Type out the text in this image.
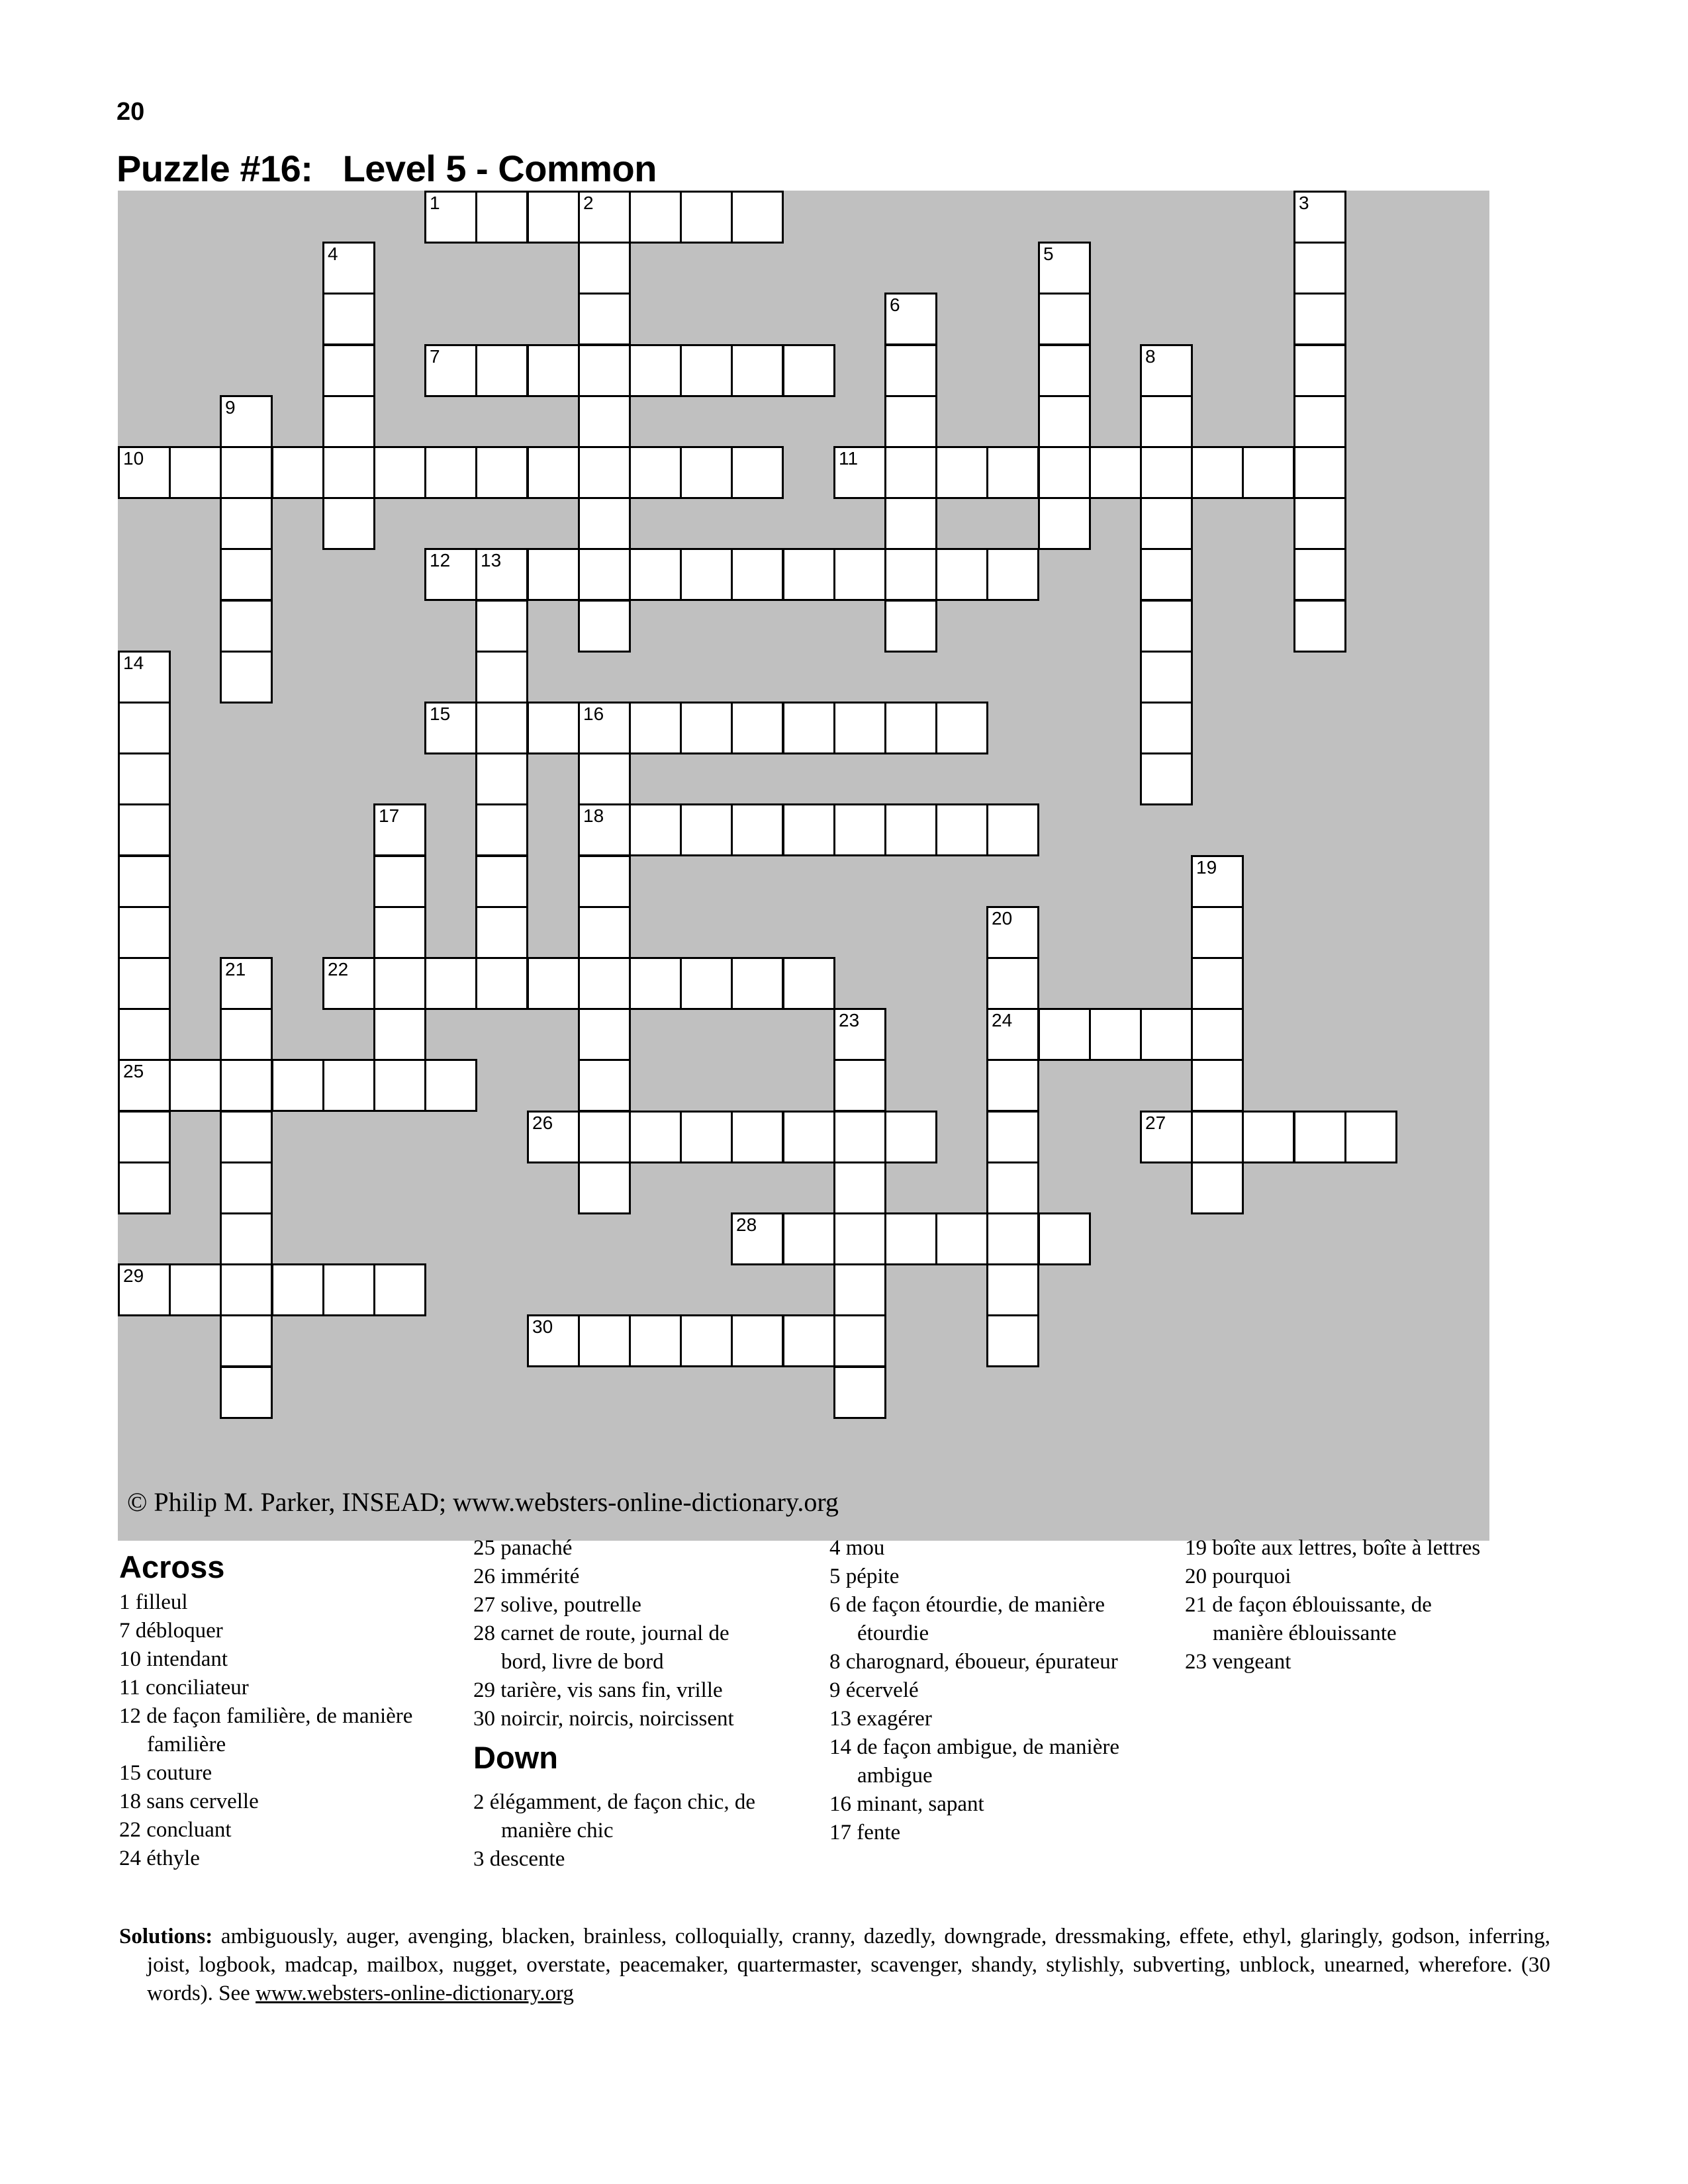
20
Puzzle #16:   Level 5 - Common
1	2	3
4	5
6
7	8
9
10	11
12 13
14
15	16
17	18
19
20
21	22
23	24
25
26	27
28
29
30
© Philip M. Parker, INSEAD; www.websters-online-dictionary.org
Across
1 filleul
7 débloquer
10 intendant
11 conciliateur
12 de façon familière, de manière familière
15 couture
18 sans cervelle
22 concluant
24 éthyle
25 panaché
26 immérité
27 solive, poutrelle
28 carnet de route, journal de bord, livre de bord
29 tarière, vis sans fin, vrille
30 noircir, noircis, noircissent
Down
2 élégamment, de façon chic, de manière chic
3 descente
4 mou
5 pépite
6 de façon étourdie, de manière étourdie
8 charognard, éboueur, épurateur
9 écervelé
13 exagérer
14 de façon ambigue, de manière ambigue
16 minant, sapant
17 fente
19 boîte aux lettres, boîte à lettres
20 pourquoi
21 de façon éblouissante, de manière éblouissante
23 vengeant
Solutions: ambiguously, auger, avenging, blacken, brainless, colloquially, cranny, dazedly, downgrade, dressmaking, effete, ethyl, glaringly, godson, inferring, joist, logbook, madcap, mailbox, nugget, overstate, peacemaker, quartermaster, scavenger, shandy, stylishly, subverting, unblock, unearned, wherefore. (30 words). See www.websters-online-dictionary.org
